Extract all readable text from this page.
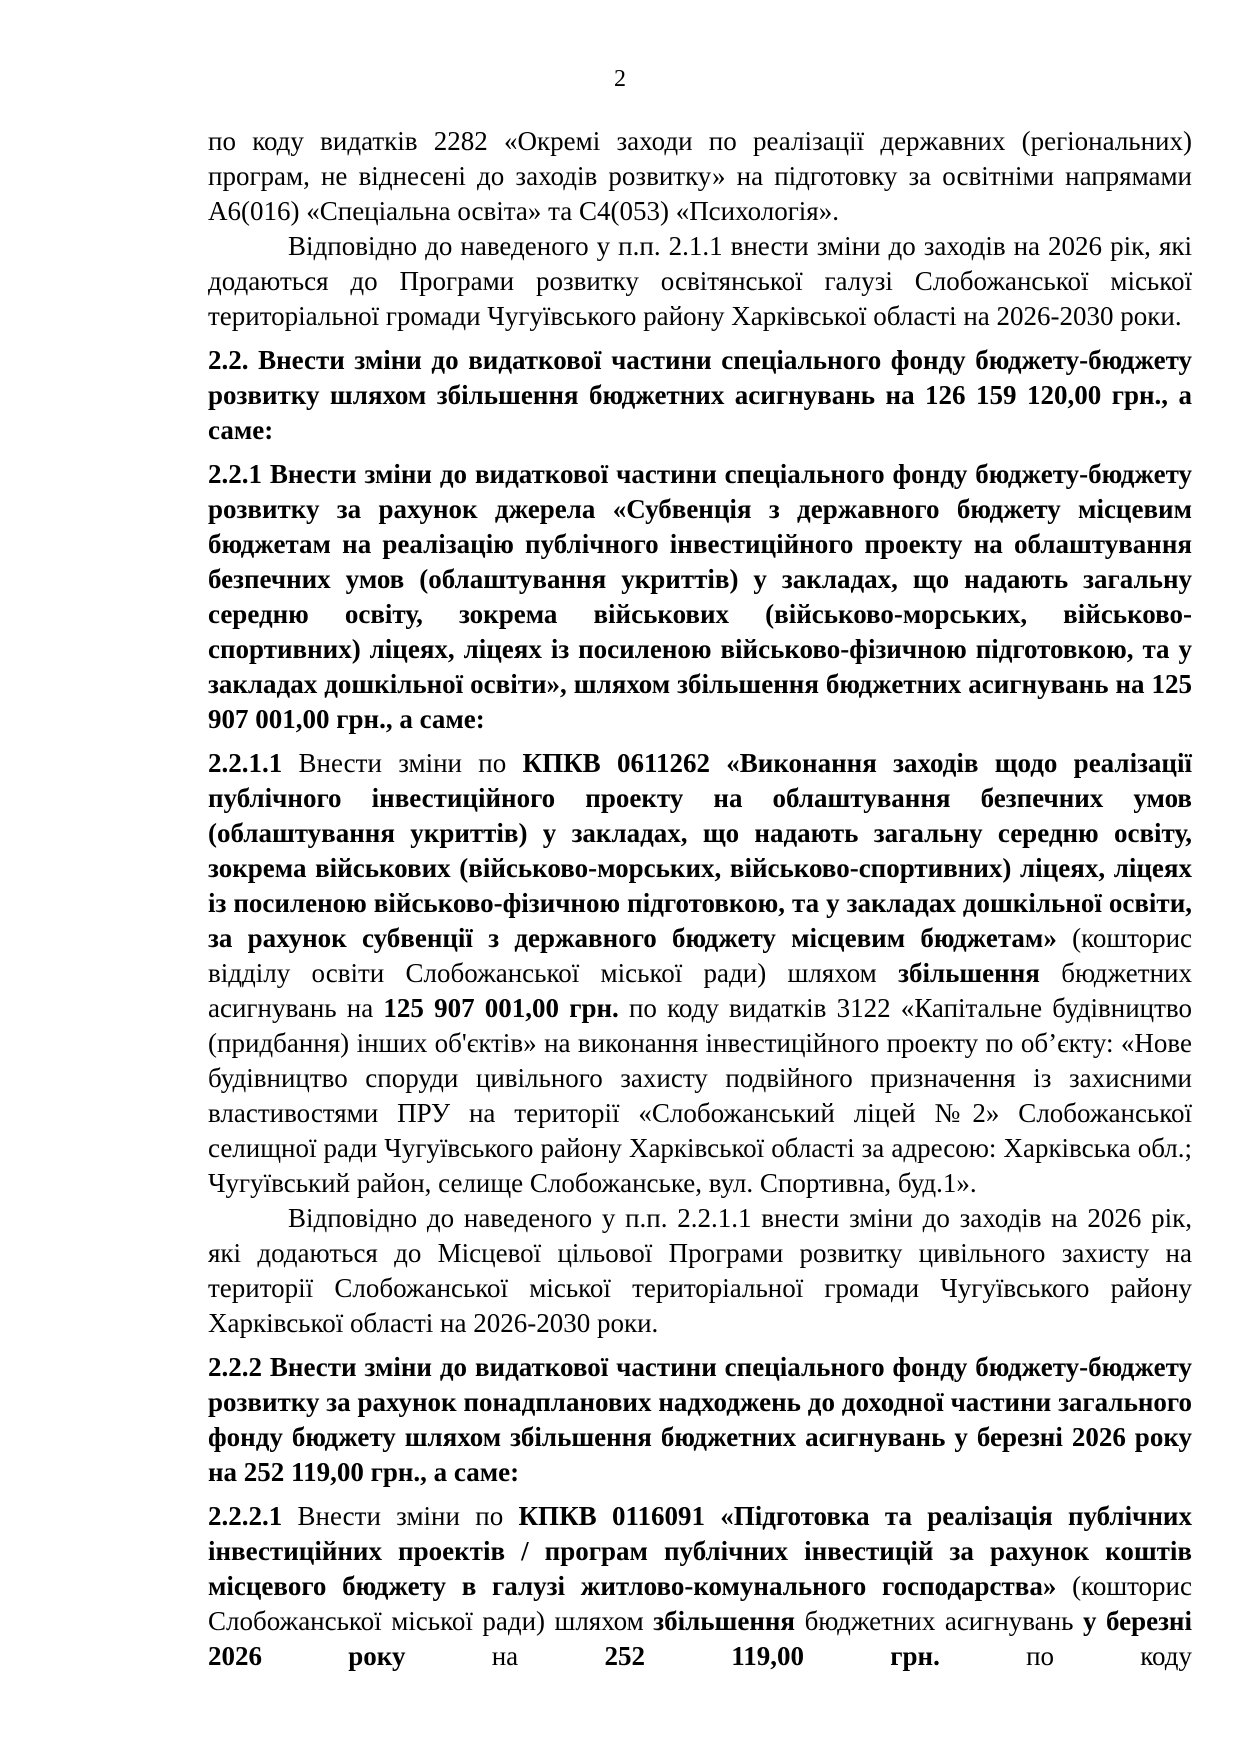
2

по коду видатків 2282 «Окремі заходи по реалізації державних (регіональних) програм, не віднесені до заходів розвитку» на підготовку за освітніми напрямами А6(016) «Спеціальна освіта» та С4(053) «Психологія».

Відповідно до наведеного у п.п. 2.1.1 внести зміни до заходів на 2026 рік, які додаються до Програми розвитку освітянської галузі Слобожанської міської територіальної громади Чугуївського району Харківської області на 2026-2030 роки.

2.2. Внести зміни до видаткової частини спеціального фонду бюджету-бюджету розвитку шляхом збільшення бюджетних асигнувань на 126 159 120,00 грн., а саме:

2.2.1 Внести зміни до видаткової частини спеціального фонду бюджету-бюджету розвитку за рахунок джерела «Субвенція з державного бюджету місцевим бюджетам на реалізацію публічного інвестиційного проекту на облаштування безпечних умов (облаштування укриттів) у закладах, що надають загальну середню освіту, зокрема військових (військово-морських, військово-спортивних) ліцеях, ліцеях із посиленою військово-фізичною підготовкою, та у закладах дошкільної освіти», шляхом збільшення бюджетних асигнувань на 125 907 001,00 грн., а саме:

2.2.1.1 Внести зміни по КПКВ 0611262 «Виконання заходів щодо реалізації публічного інвестиційного проекту на облаштування безпечних умов (облаштування укриттів) у закладах, що надають загальну середню освіту, зокрема військових (військово-морських, військово-спортивних) ліцеях, ліцеях із посиленою військово-фізичною підготовкою, та у закладах дошкільної освіти, за рахунок субвенції з державного бюджету місцевим бюджетам» (кошторис відділу освіти Слобожанської міської ради) шляхом збільшення бюджетних асигнувань на 125 907 001,00 грн. по коду видатків 3122 «Капітальне будівництво (придбання) інших об'єктів» на виконання інвестиційного проекту по об’єкту: «Нове будівництво споруди цивільного захисту подвійного призначення із захисними властивостями ПРУ на території «Слобожанський ліцей №2» Слобожанської селищної ради Чугуївського району Харківської області за адресою: Харківська обл.; Чугуївський район, селище Слобожанське, вул. Спортивна, буд.1».

Відповідно до наведеного у п.п. 2.2.1.1 внести зміни до заходів на 2026 рік, які додаються до Місцевої цільової Програми розвитку цивільного захисту на території Слобожанської міської територіальної громади Чугуївського району Харківської області на 2026-2030 роки.

2.2.2 Внести зміни до видаткової частини спеціального фонду бюджету-бюджету розвитку за рахунок понадпланових надходжень до доходної частини загального фонду бюджету шляхом збільшення бюджетних асигнувань у березні 2026 року на 252 119,00 грн., а саме:

2.2.2.1 Внести зміни по КПКВ 0116091 «Підготовка та реалізація публічних інвестиційних проектів / програм публічних інвестицій за рахунок коштів місцевого бюджету в галузі житлово-комунального господарства» (кошторис Слобожанської міської ради) шляхом збільшення бюджетних асигнувань у березні 2026 року на 252 119,00 грн. по коду
